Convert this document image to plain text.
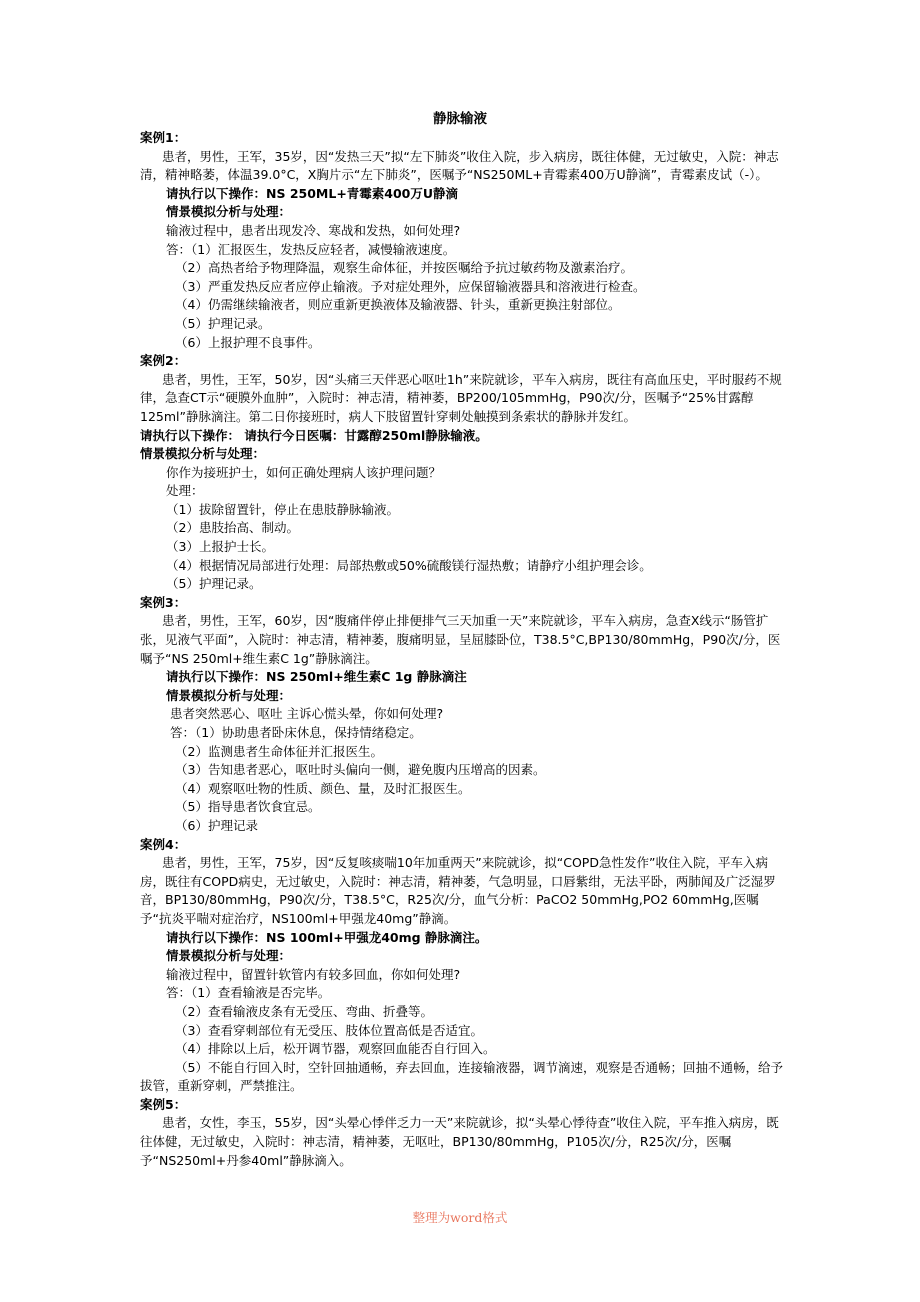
静脉输液

案例1：

患者，男性，王军，35岁，因“发热三天”拟“左下肺炎”收住入院，步入病房，既往体健，无过敏史，入院：神志清，精神略萎，体温39.0°C，X胸片示“左下肺炎”，医嘱予“NS250ML+青霉素400万U静滴”，青霉素皮试（-）。

请执行以下操作：NS 250ML+青霉素400万U静滴

情景模拟分析与处理：

输液过程中，患者出现发冷、寒战和发热，如何处理?

答：（1）汇报医生，发热反应轻者，减慢输液速度。

（2）高热者给予物理降温，观察生命体征，并按医嘱给予抗过敏药物及激素治疗。

（3）严重发热反应者应停止输液。予对症处理外，应保留输液器具和溶液进行检查。

（4）仍需继续输液者，则应重新更换液体及输液器、针头，重新更换注射部位。

（5）护理记录。

（6）上报护理不良事件。

案例2：

患者，男性，王军，50岁，因“头痛三天伴恶心呕吐1h”来院就诊，平车入病房，既往有高血压史，平时服药不规律，急查CT示“硬膜外血肿”，入院时：神志清，精神萎，BP200/105mmHg，P90次/分，医嘱予“25%甘露醇125ml”静脉滴注。第二日你接班时，病人下肢留置针穿刺处触摸到条索状的静脉并发红。

请执行以下操作： 请执行今日医嘱：甘露醇250ml静脉输液。

情景模拟分析与处理：

你作为接班护士，如何正确处理病人该护理问题？

处理：

（1）拔除留置针，停止在患肢静脉输液。

（2）患肢抬高、制动。

（3）上报护士长。

（4）根据情况局部进行处理：局部热敷或50%硫酸镁行湿热敷；请静疗小组护理会诊。

（5）护理记录。

案例3：

患者，男性，王军，60岁，因“腹痛伴停止排便排气三天加重一天”来院就诊，平车入病房，急查X线示“肠管扩张，见液气平面”，入院时：神志清，精神萎，腹痛明显，呈屈膝卧位，T38.5°C,BP130/80mmHg，P90次/分，医嘱予“NS 250ml+维生素C 1g”静脉滴注。

请执行以下操作：NS 250ml+维生素C 1g 静脉滴注

情景模拟分析与处理：

患者突然恶心、呕吐 主诉心慌头晕，你如何处理?

答：（1）协助患者卧床休息，保持情绪稳定。

（2）监测患者生命体征并汇报医生。

（3）告知患者恶心，呕吐时头偏向一侧，避免腹内压增高的因素。

（4）观察呕吐物的性质、颜色、量，及时汇报医生。

（5）指导患者饮食宜忌。

（6）护理记录

案例4：

患者，男性，王军，75岁，因“反复咳痰喘10年加重两天”来院就诊，拟“COPD急性发作”收住入院，平车入病房，既往有COPD病史，无过敏史，入院时：神志清，精神萎，气急明显，口唇紫绀，无法平卧，两肺闻及广泛湿罗音，BP130/80mmHg，P90次/分，T38.5°C，R25次/分，血气分析：PaCO2 50mmHg,PO2 60mmHg,医嘱予“抗炎平喘对症治疗，NS100ml+甲强龙40mg”静滴。

请执行以下操作：NS 100ml+甲强龙40mg 静脉滴注。

情景模拟分析与处理：

输液过程中，留置针软管内有较多回血，你如何处理?

答：（1）查看输液是否完毕。

（2）查看输液皮条有无受压、弯曲、折叠等。

（3）查看穿刺部位有无受压、肢体位置高低是否适宜。

（4）排除以上后，松开调节器，观察回血能否自行回入。

（5）不能自行回入时，空针回抽通畅，弃去回血，连接输液器，调节滴速，观察是否通畅；回抽不通畅，给予拔管，重新穿刺，严禁推注。

案例5：

患者，女性，李玉，55岁，因“头晕心悸伴乏力一天”来院就诊，拟“头晕心悸待查”收住入院，平车推入病房，既往体健，无过敏史，入院时：神志清，精神萎，无呕吐，BP130/80mmHg，P105次/分，R25次/分，医嘱予“NS250ml+丹参40ml”静脉滴入。

整理为word格式
